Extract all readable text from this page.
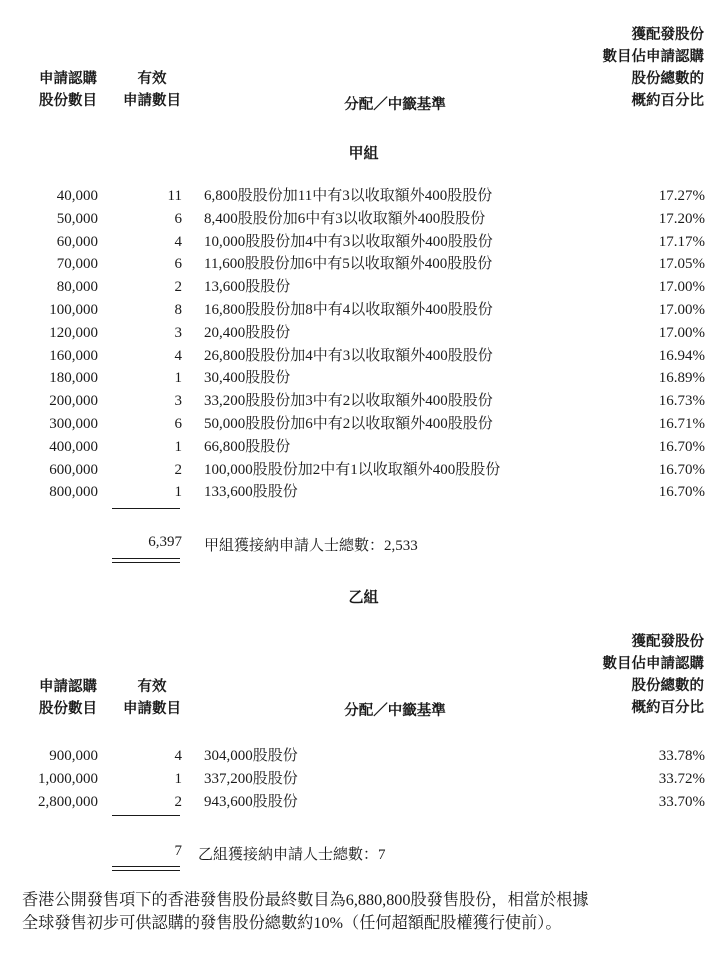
申請認購
股份數目
有效
申請數目	分配／中籤基準
獲配發股份
數目佔申請認購
股份總數的
概約百分比
甲組
40,000	11 6,800股股份加11中有3以收取額外400股股份	17.27%
50,000	6 8,400股股份加6中有3以收取額外400股股份	17.20%
60,000	4 10,000股股份加4中有3以收取額外400股股份	17.17%
70,000	6 11,600股股份加6中有5以收取額外400股股份	17.05%
80,000	2 13,600股股份	17.00%
100,000	8 16,800股股份加8中有4以收取額外400股股份	17.00%
120,000	3 20,400股股份	17.00%
160,000	4 26,800股股份加4中有3以收取額外400股股份	16.94%
180,000	1 30,400股股份	16.89%
200,000	3 33,200股股份加3中有2以收取額外400股股份	16.73%
300,000	6 50,000股股份加6中有2以收取額外400股股份	16.71%
400,000	1 66,800股股份	16.70%
600,000	2 100,000股股份加2中有1以收取額外400股股份	16.70%
800,000	1 133,600股股份	16.70%
6,397 甲組獲接納申請人士總數：2,533
乙組
申請認購
股份數目
有效
申請數目	分配／中籤基準
獲配發股份
數目佔申請認購
股份總數的
概約百分比
900,000	4 304,000股股份	33.78%
1,000,000	1 337,200股股份	33.72%
2,800,000	2 943,600股股份	33.70%
7 乙組獲接納申請人士總數：7
香港公開發售項下的香港發售股份最終數目為6,880,800股發售股份，相當於根據
全球發售初步可供認購的發售股份總數約10%（任何超額配股權獲行使前）。
